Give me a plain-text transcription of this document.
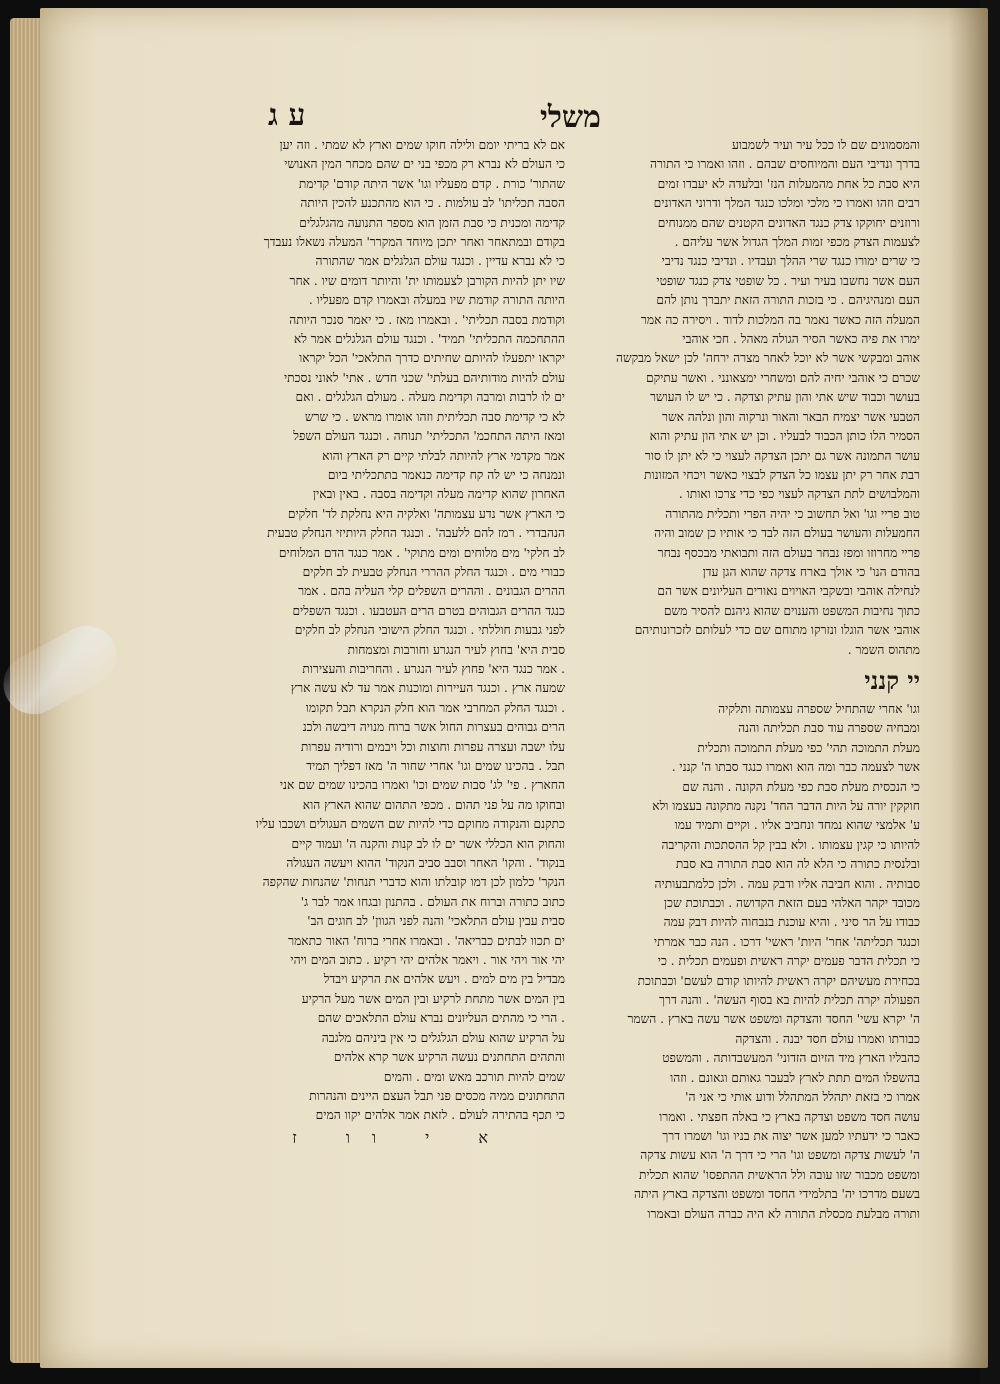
ע ג	משלי

והמסמונים שם לו ככל עיר ועיר לשמבוע

בדרך ונדיבי העם והמיוחסים שבהם . וזהו ואמרו כי התורה

היא סבת כל אחת מהמעלות הנז' ובלעדה לא יעבדו זמים

רבים וזהו ואמרו כי מלכי ומלכו כנגד המלך ודרוני האדונים

ורוזנים יחוקקו צדק כנגד האדונים הקטנים שהם ממנוחים

לצעמות הצדק מכפי זמות המלך הגדול אשר עליהם .

כי שרים ימורו כנגד שרי ההלך ועבדיו . ונדיבי כנגד נדיבי

העם אשר נחשבו בעיר ועיר . כל שופטי צדק כנגד שופטי

העם ומנהיגיהם . כי בזכות התורה הזאת יתברך נותן להם

המעלה הזה כאשר נאמר בה המלכות לדוד . ויסירה כה אמר

ימרו את פיה כאשר הסיר הגולה מאהל . חכי אוהבי

אוהב ומבקשי אשר לא יוכל לאחר מצרה ירחה' לכן ישאל מבקשה

שכרם כי אוהבי יחיה להם ומשחרי ימצאונני . ואשר עתיקם

בעושר וכבוד שיש אתי והון עתיק וצדקה . כי יש לו העושר

הטבעי אשר יצמיח הבאר והאור ונרקוה והון ונלהה אשר

הסמיר הלו כותן הכבוד לבעליו . וכן יש אתי הון עתיק והוא

עושר התמונה אשר גם יתכן הצדקה לעצוי כי לא יתן לו סור

רבת אחר רק יתן עצמו כל הצדק לבצוי כאשר ויכחי המזונות

והמלבושים לתת הצדקה לעצוי כפי כדי צרכו ואותו .

טוב פריי וגו' ואל תחשוב כי יהיה הפרי ותכלית מהתורה

החמעלות והעושר בעולם הזה לבד כי אותיו כן שמוב והיה

פריי מחרוזו ומפז נבחר בעולם הזה ותבואתי מבכסף נבחר

בהודם הנו' כי אולך בארח צדקה שהוא הגן עדן

לנחילה אוהבי ובשקבי האויוים נאורים העליונים אשר הם

כתוך נחיבות המשפט והענוים שהוא גיהנם להסיר משם

אוהבי אשר הוגלו ונזרקו מתוחם שם כדי לעלותם לזכרונותיהם

מתהוס השמר .

יי קנני

וגו' אחרי שהתחיל שספרה עצמותה ותלקיה

ומבחיה שספרה עוד סבת תכליתה והנה

מעלת התמוכה תהי' כפי מעלת התמוכה ותכלית

אשר לצעמה כבר ומה הוא ואמרו כנגד סבתו ה' קנני .

כי הנכסית מעלת סבת כפי מעלת הקונה . והנה שם

חוקקין יורה על היות הדבר החד' נקנה מתקונה בעצמו ולא

ע' אלמצי שהוא נמחד ונחביב אליו . וקיים ותמיד עמו

להיותו כי קגין עצמותו . ולא בבין קל ההסתכות והקריבה

ובלנסית כתורה כי הלא לה הוא סבת התורה בא סבת

סבותיה . והוא חביבה אליו ודבק עמה . ולכן כלמתבעותיה

מכובד יקהר האלהי בעם הזאת הקדושה . וכבתוכת שכן

כבודו על הר סיני . והיא עוכנת בנבחוה להיות דבק עמה

וכנגד תכליתה' אחר' היות' ראשי' דרכו . הנה כבר אמרתי

כי תכלית הדבר פעמים יקרה ראשית ופעמים תכלית . כי

בכחירת מעשיהם יקרה ראשית להיותו קודם לעשם' וכבתוכת

הפעולה יקרה תכלית להיות בא בסוף העשה' . והנה דרך

ה' יקרא עשי' החסד והצדקה ומשפט אשר עשה בארץ . השמר

כבורתו ואמרו עולם חסד יבנה . והצדקה

כהבליו הארץ מיד הזיום הזדוני' המעשבדותה . והמשפט

בהשפלו המים תתת לארץ לבעבר גאותם וגאונם . וזהו

אמרו כי בזאת יתהלל המתהלל ודוע אותי כי אני ה'

עושה חסד משפט וצדקה בארץ כי באלה חפצתי . ואמרו

כאבר כי ידעתיו למען אשר יצוה את בניו וגו' ושמרו דרך

ה' לעשות צדקה ומשפט וגו' הרי כי דרך ה' הוא עשות צדקה

ומשפט מכבור שזו עובה ולל הראשית ההתפסו' שהוא תכלית

בשעם מדרכו יה' בתלמידי החסד ומשפט והצדקה בארץ היתה

ותורה מבלעת מכסלת התורה לא היה כברה העולם ובאמרו

אם לא בריתי יומם ולילה חוקו שמים וארץ לא שמתי . וזה יען

כי העולם לא נברא רק מכפי בני ים שהם מכחר המין האנושי

שהתור' כורת . קדם מפעליו וגו' אשר היתה קודם' קדימת

הסבה תכליתו' לב עולמות . כי הוא מהתכנע להכין היותה

קדימה ומכנית כי סבת הזמן הוא מספר התנועה מהגלגלים

בקודם ובמתאחר ואחר יתכן מיוחד המקרר' המעלה נשאלו נעבדך

כי לא נברא עדיין . וכנגד עולם הגלגלים אמר שהתורה

שיו יתן להיות הקורבן לצעמותו ית' והיותר דומים שיו . אחר

היותה התורה קודמת שיו במעלה ובאמרו קדם מפעליו .

וקודמת בסבה תכליתי' . ובאמרו מאז . כי יאמר סנכר היותה

ההתחכמה התכליתי' תמיד' . וכנגד עולם הגלגלים אמר לא

יקראו יתפעלו להיותם שחיתים כדרך התלאכי' הכל יקראו

עולם להיות מודותיהם בעלתי' שכני חדש . אתי' לאוני נסכתי

ים לו לרבות ומרבה וקדימת מעלה . מעולם הגלגלים . ואם

לא כי קדימת סבה תכליתית וזהו אומרו מראש . כי שרש

ומאז היתה התחכמ' התכליתי' תנוחה . וכנגד העולם השפל

אמר מקדמי ארץ להיותה לבלתי קיים רק הארץ והוא

ונמנחה כי יש לה קח קדימה כנאמר בתתכליתי ביום

האחרון שהוא קדימה מעלה וקדימה בסבה . באין ובאין

כי הארץ אשר נדע עצמותה' ואלקיה היא נחלקת לד' חלקים

הנהבדרי . רמז להם ללעבה' . וכנגד החלק היותיזי הנחלק טבעית

לב חלקי' מים מלוחים ומים מתוקי' . אמר כנגד הדם המלוחים

כבורי מים . וכנגד החלק ההררי הנחלק טבעית לב חלקים

ההרים הגבונים . וההרים השפלים קלי העליה בהם . אמר

כנגד ההרים הגבוהים בטרם הרים העטבעו . וכנגד השפלים

לפני גבעות חוללתי . וכנגד החלק הישובי הנחלק לב חלקים

סבית היא' בחוץ לעיר הנגרע וחורבות ומצמחות

. אמר כנגד היא' פחוץ לעיר הנגרע . והחריבות והעצירות

שמעה ארץ . וכנגד העיירות ומוכנות אמר עד לא עשה ארץ

. וכנגד החלק המחרבי אמר הוא חלק הנקרא תבל תקומו

הרים גבוהים בעצרות החול אשר ברוח מנויה דיבשה ולכנ

עלו ישבה ועצרה עפרות וחוצות וכל ויבמים ורודיה עפרות

תבל . בהכינו שמים וגו' אחרי שחור ה' מאז דפליך תמיד

החארץ . פי' לג' סבות שמים וכו' ואמרו בהכינו שמים שם אני

ובחוקו מה על פני תהום . מכפי התהום שהוא הארץ הוא

כתקנם והנקודה מחוקם כדי להיות שם השמים העגולים ושכבו עליו

והחוק הוא הכללי אשר ים לו לב קנות והקנה ה' ועמוד קיים

בנקוד' . והקו' האחר וסבב סביב הנקוד' ההוא ויעשה העגולה

הנקר' כלמון לכן דמו קובלתו והוא כדברי תנחות' שהנחות שהקפה

כתוב כתורה וברוח את העולם . בהתנון ובגחו אמר לבר ג'

סבית עבין עולם התלאכי' והנה לפני הגוון' לב חוגים הב'

ים תכוו לבתים כבריאה' . ובאמרו אחרי ברוח' האור כתאמר

יהי אור ויהי אור . ויאמר אלהים יהי רקיע . כתוב המים ויהי

מבדיל בין מים למים . ויעש אלהים את הרקיע ויבדל

בין המים אשר מתחת לרקיע ובין המים אשר מעל הרקיע

. הרי כי מהתים העליונים נברא עולם התלאכים שהם

על הרקיע שהוא עולם הגלגלים כי אין ביניהם מלגבה

והתהים התחתנים נעשה הרקיע אשר קרא אלהים

שמים להיות תורכב מאש ומים . והמים

התחתונים ממיה מכסים פני תבל העצם היינים והנהרות

כי תכף בהתירה לעולם . לזאת אמר אלהים יקוו המים

א י וו ז
